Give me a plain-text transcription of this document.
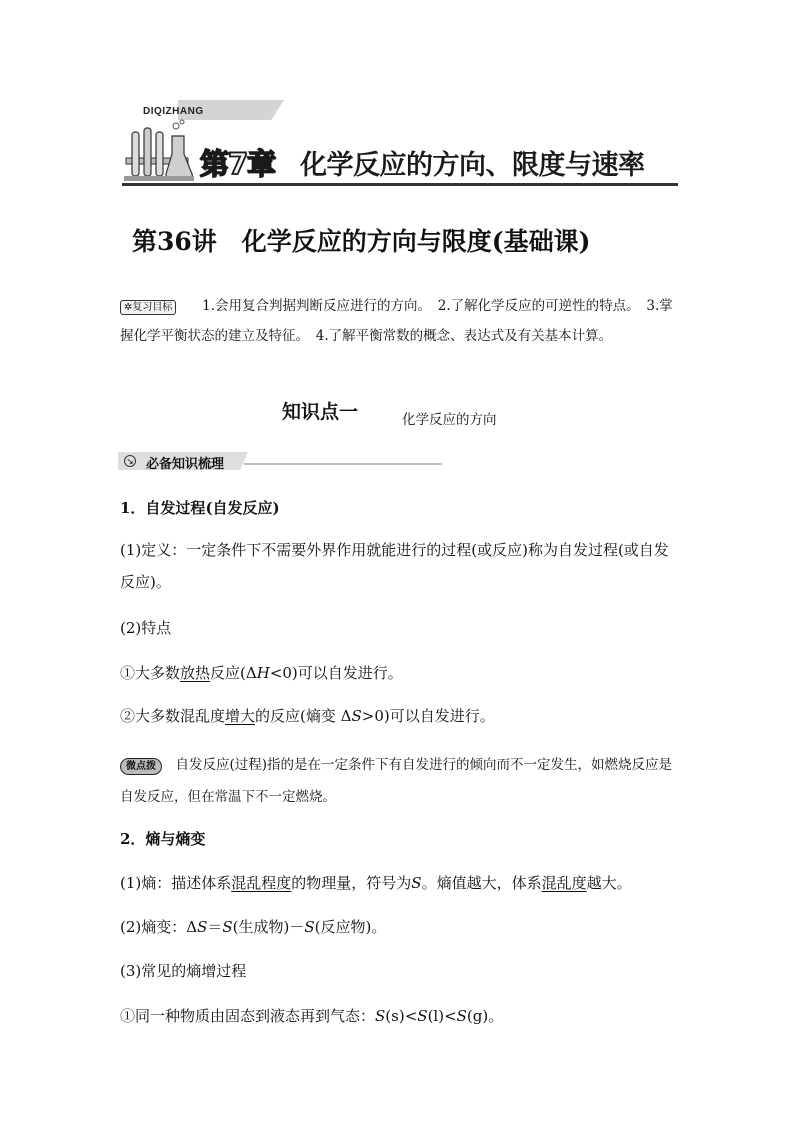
DIQIZHANG
第7章 化学反应的方向、限度与速率
第36讲　化学反应的方向与限度(基础课)
✲复习目标 1.会用复合判据判断反应进行的方向。　2.了解化学反应的可逆性的特点。　3.掌握化学平衡状态的建立及特征。　4.了解平衡常数的概念、表达式及有关基本计算。
知识点一	化学反应的方向
↘ 必备知识梳理
1．自发过程(自发反应)
(1)定义：一定条件下不需要外界作用就能进行的过程(或反应)称为自发过程(或自发反应)。
(2)特点
①大多数放热反应(ΔH<0)可以自发进行。
②大多数混乱度增大的反应(熵变 ΔS>0)可以自发进行。
微点拨　自发反应(过程)指的是在一定条件下有自发进行的倾向而不一定发生，如燃烧反应是自发反应，但在常温下不一定燃烧。
2．熵与熵变
(1)熵：描述体系混乱程度的物理量，符号为S。熵值越大，体系混乱度越大。
(2)熵变：ΔS＝S(生成物)－S(反应物)。
(3)常见的熵增过程
①同一种物质由固态到液态再到气态：S(s)<S(l)<S(g)。
